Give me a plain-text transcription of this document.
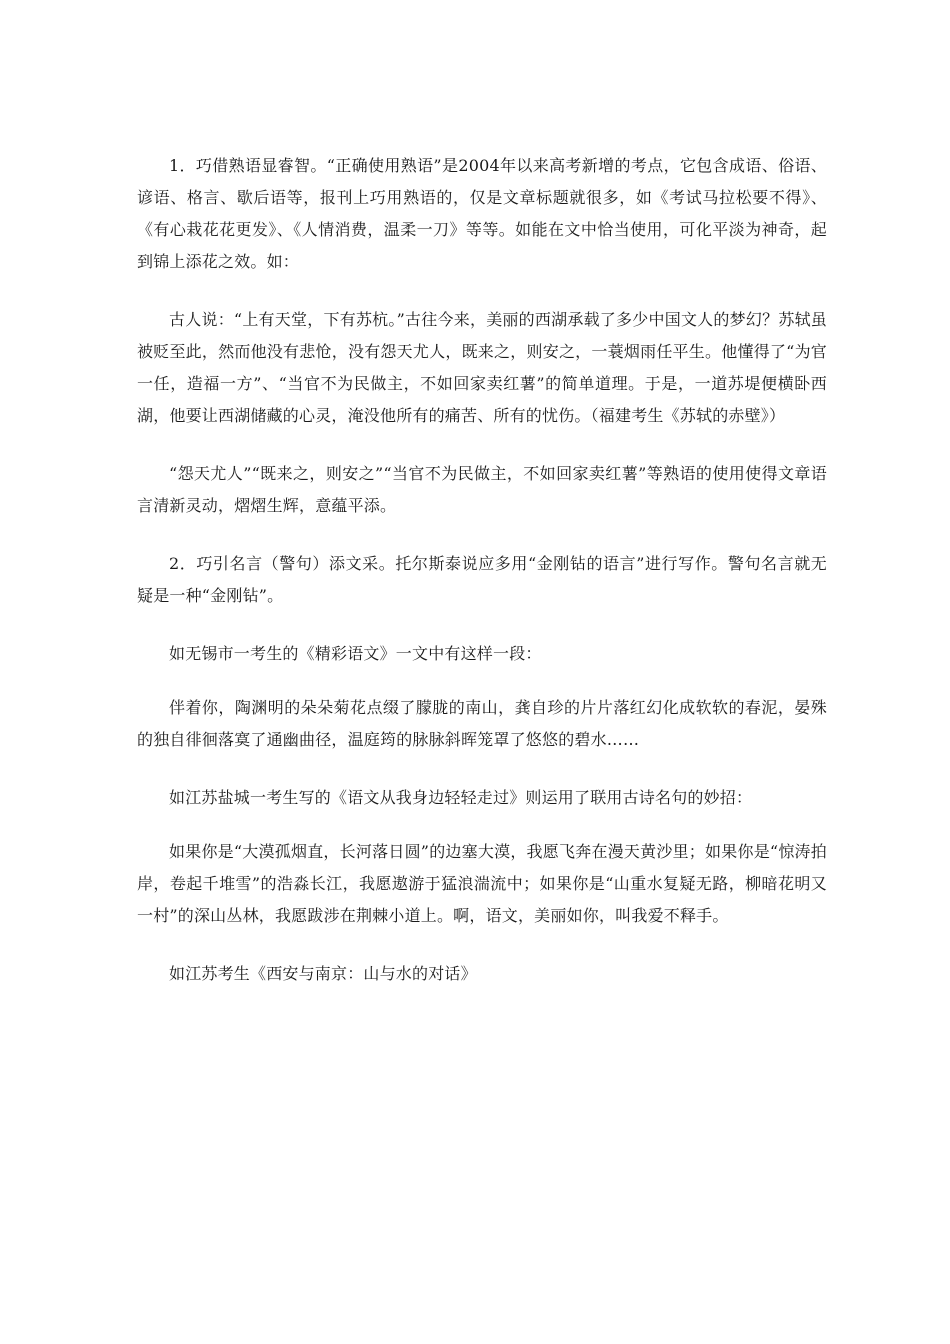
1．巧借熟语显睿智。“正确使用熟语”是2004年以来高考新增的考点，它包含成语、俗语、谚语、格言、歇后语等，报刊上巧用熟语的，仅是文章标题就很多，如《考试马拉松要不得》、《有心栽花花更发》、《人情消费，温柔一刀》等等。如能在文中恰当使用，可化平淡为神奇，起到锦上添花之效。如：

古人说：“上有天堂，下有苏杭。”古往今来，美丽的西湖承载了多少中国文人的梦幻？苏轼虽被贬至此，然而他没有悲怆，没有怨天尤人，既来之，则安之，一蓑烟雨任平生。他懂得了“为官一任，造福一方”、“当官不为民做主，不如回家卖红薯”的简单道理。于是，一道苏堤便横卧西湖，他要让西湖储藏的心灵，淹没他所有的痛苦、所有的忧伤。（福建考生《苏轼的赤壁》）

“怨天尤人”“既来之，则安之”“当官不为民做主，不如回家卖红薯”等熟语的使用使得文章语言清新灵动，熠熠生辉，意蕴平添。

2．巧引名言（警句）添文采。托尔斯泰说应多用“金刚钻的语言”进行写作。警句名言就无疑是一种“金刚钻”。

如无锡市一考生的《精彩语文》一文中有这样一段：

伴着你，陶渊明的朵朵菊花点缀了朦胧的南山，龚自珍的片片落红幻化成软软的春泥，晏殊的独自徘徊落寞了通幽曲径，温庭筠的脉脉斜晖笼罩了悠悠的碧水……

如江苏盐城一考生写的《语文从我身边轻轻走过》则运用了联用古诗名句的妙招：

如果你是“大漠孤烟直，长河落日圆”的边塞大漠，我愿飞奔在漫天黄沙里；如果你是“惊涛拍岸，卷起千堆雪”的浩淼长江，我愿遨游于猛浪湍流中；如果你是“山重水复疑无路，柳暗花明又一村”的深山丛林，我愿跋涉在荆棘小道上。啊，语文，美丽如你，叫我爱不释手。

如江苏考生《西安与南京：山与水的对话》
